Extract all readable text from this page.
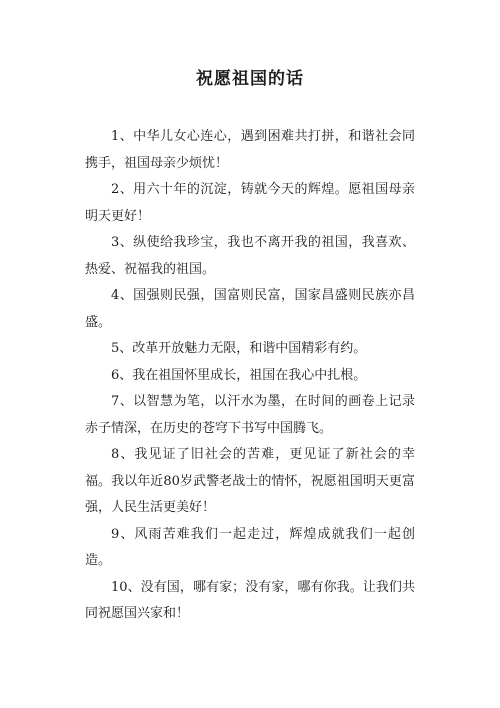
祝愿祖国的话

1、中华儿女心连心，遇到困难共打拼，和谐社会同携手，祖国母亲少烦忧！

2、用六十年的沉淀，铸就今天的辉煌。愿祖国母亲明天更好！

3、纵使给我珍宝，我也不离开我的祖国，我喜欢、热爱、祝福我的祖国。

4、国强则民强，国富则民富，国家昌盛则民族亦昌盛。

5、改革开放魅力无限，和谐中国精彩有约。

6、我在祖国怀里成长，祖国在我心中扎根。

7、以智慧为笔，以汗水为墨，在时间的画卷上记录赤子情深，在历史的苍穹下书写中国腾飞。

8、我见证了旧社会的苦难，更见证了新社会的幸福。我以年近80岁武警老战士的情怀，祝愿祖国明天更富强，人民生活更美好！

9、风雨苦难我们一起走过，辉煌成就我们一起创造。

10、没有国，哪有家；没有家，哪有你我。让我们共同祝愿国兴家和！
